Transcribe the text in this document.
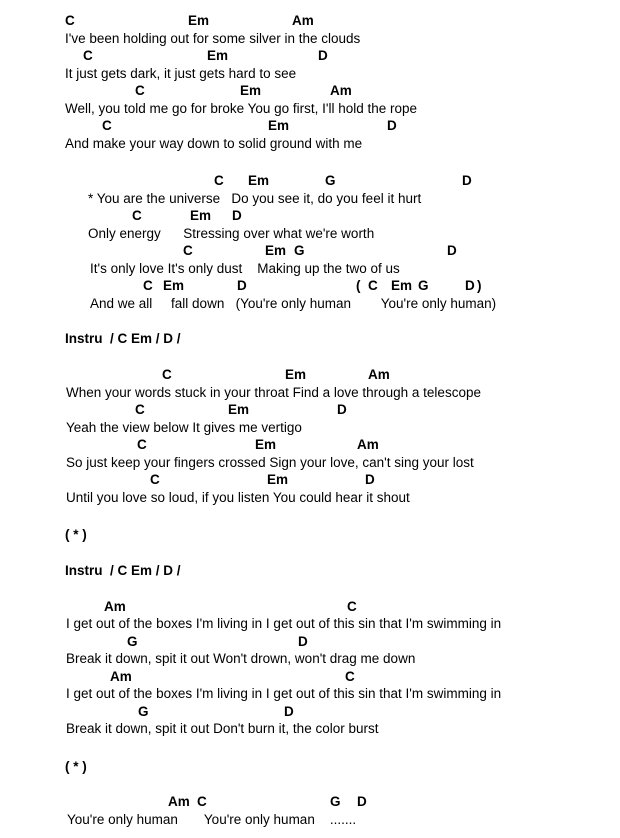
C	Em	Am
I've been holding out for some silver in the clouds
C	Em	D
It just gets dark, it just gets hard to see
C	Em	Am
Well, you told me go for broke You go first, I'll hold the rope
C	Em	D
And make your way down to solid ground with me
C Em	G	D
* You are the universe   Do you see it, do you feel it hurt
C	Em D
Only energy      Stressing over what we're worth
C	Em G	D
It's only love It's only dust    Making up the two of us
C Em	D	( C Em G	D )
And we all     fall down   (You're only human        You're only human)
Instru  / C Em / D /
C	Em	Am
When your words stuck in your throat Find a love through a telescope
C	Em	D
Yeah the view below It gives me vertigo
C	Em	Am
So just keep your fingers crossed Sign your love, can't sing your lost
C	Em	D
Until you love so loud, if you listen You could hear it shout
( * )
Instru  / C Em / D /
Am	C
I get out of the boxes I'm living in I get out of this sin that I'm swimming in
G	D
Break it down, spit it out Won't drown, won't drag me down
Am	C
I get out of the boxes I'm living in I get out of this sin that I'm swimming in
G	D
Break it down, spit it out Don't burn it, the color burst
( * )
Am C	G D
You're only human       You're only human    .......
